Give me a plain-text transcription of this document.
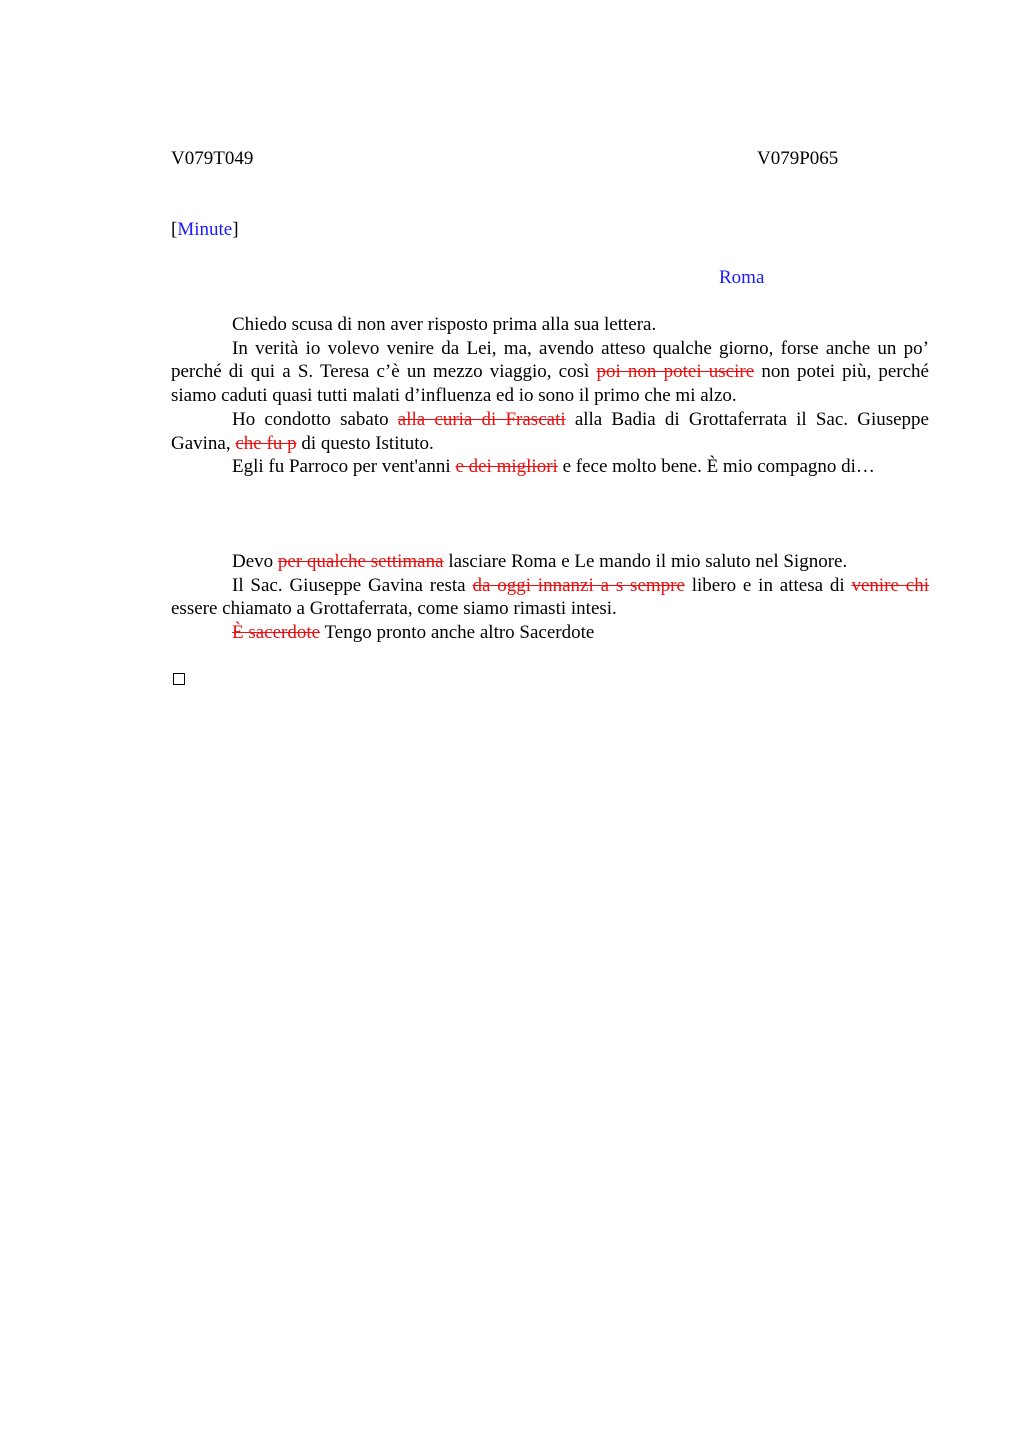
V079T049	V079P065
[Minute]
Roma

Chiedo scusa di non aver risposto prima alla sua lettera.

In verità io volevo venire da Lei, ma, avendo atteso qualche giorno, forse anche un po’ perché di qui a S. Teresa c’è un mezzo viaggio, così poi non potei uscire non potei più, perché siamo caduti quasi tutti malati d’influenza ed io sono il primo che mi alzo.

Ho condotto sabato alla curia di Frascati alla Badia di Grottaferrata il Sac. Giuseppe Gavina, che fu p di questo Istituto.

Egli fu Parroco per vent'anni e dei migliori e fece molto bene. È mio compagno di…

Devo per qualche settimana lasciare Roma e Le mando il mio saluto nel Signore.

Il Sac. Giuseppe Gavina resta da oggi innanzi a s sempre libero e in attesa di venire chi essere chiamato a Grottaferrata, come siamo rimasti intesi.

È sacerdote Tengo pronto anche altro Sacerdote
